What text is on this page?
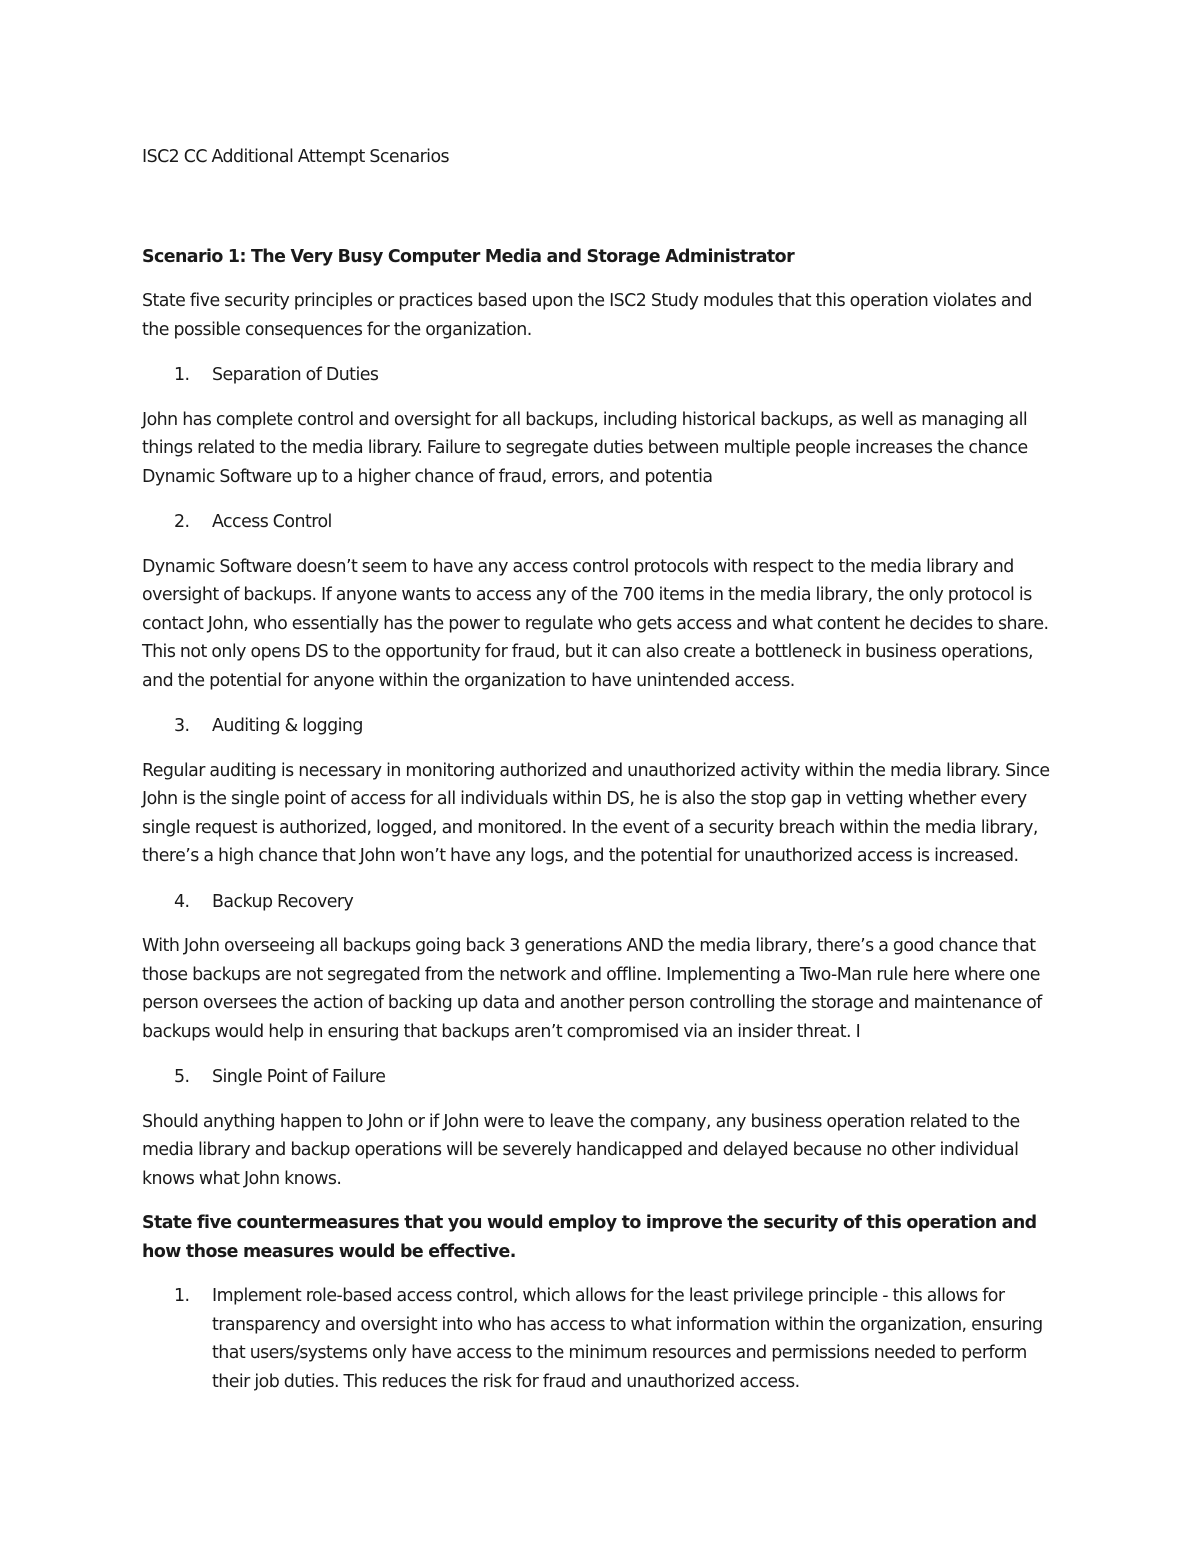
ISC2 CC Additional Attempt Scenarios
Scenario 1: The Very Busy Computer Media and Storage Administrator

State five security principles or practices based upon the ISC2 Study modules that this operation violates and the possible consequences for the organization.

1.	Separation of Duties

John has complete control and oversight for all backups, including historical backups, as well as managing all things related to the media library. Failure to segregate duties between multiple people increases the chance Dynamic Software up to a higher chance of fraud, errors, and potentia

2.	Access Control

Dynamic Software doesn’t seem to have any access control protocols with respect to the media library and oversight of backups. If anyone wants to access any of the 700 items in the media library, the only protocol is contact John, who essentially has the power to regulate who gets access and what content he decides to share. This not only opens DS to the opportunity for fraud, but it can also create a bottleneck in business operations, and the potential for anyone within the organization to have unintended access.

3.	Auditing & logging

Regular auditing is necessary in monitoring authorized and unauthorized activity within the media library. Since John is the single point of access for all individuals within DS, he is also the stop gap in vetting whether every single request is authorized, logged, and monitored. In the event of a security breach within the media library, there’s a high chance that John won’t have any logs, and the potential for unauthorized access is increased.

4.	Backup Recovery

With John overseeing all backups going back 3 generations AND the media library, there’s a good chance that those backups are not segregated from the network and offline. Implementing a Two-Man rule here where one person oversees the action of backing up data and another person controlling the storage and maintenance of backups would help in ensuring that backups aren’t compromised via an insider threat. I

5.	Single Point of Failure

Should anything happen to John or if John were to leave the company, any business operation related to the media library and backup operations will be severely handicapped and delayed because no other individual knows what John knows.

State five countermeasures that you would employ to improve the security of this operation and how those measures would be effective.

1.	Implement role-based access control, which allows for the least privilege principle - this allows for transparency and oversight into who has access to what information within the organization, ensuring that users/systems only have access to the minimum resources and permissions needed to perform their job duties. This reduces the risk for fraud and unauthorized access.
